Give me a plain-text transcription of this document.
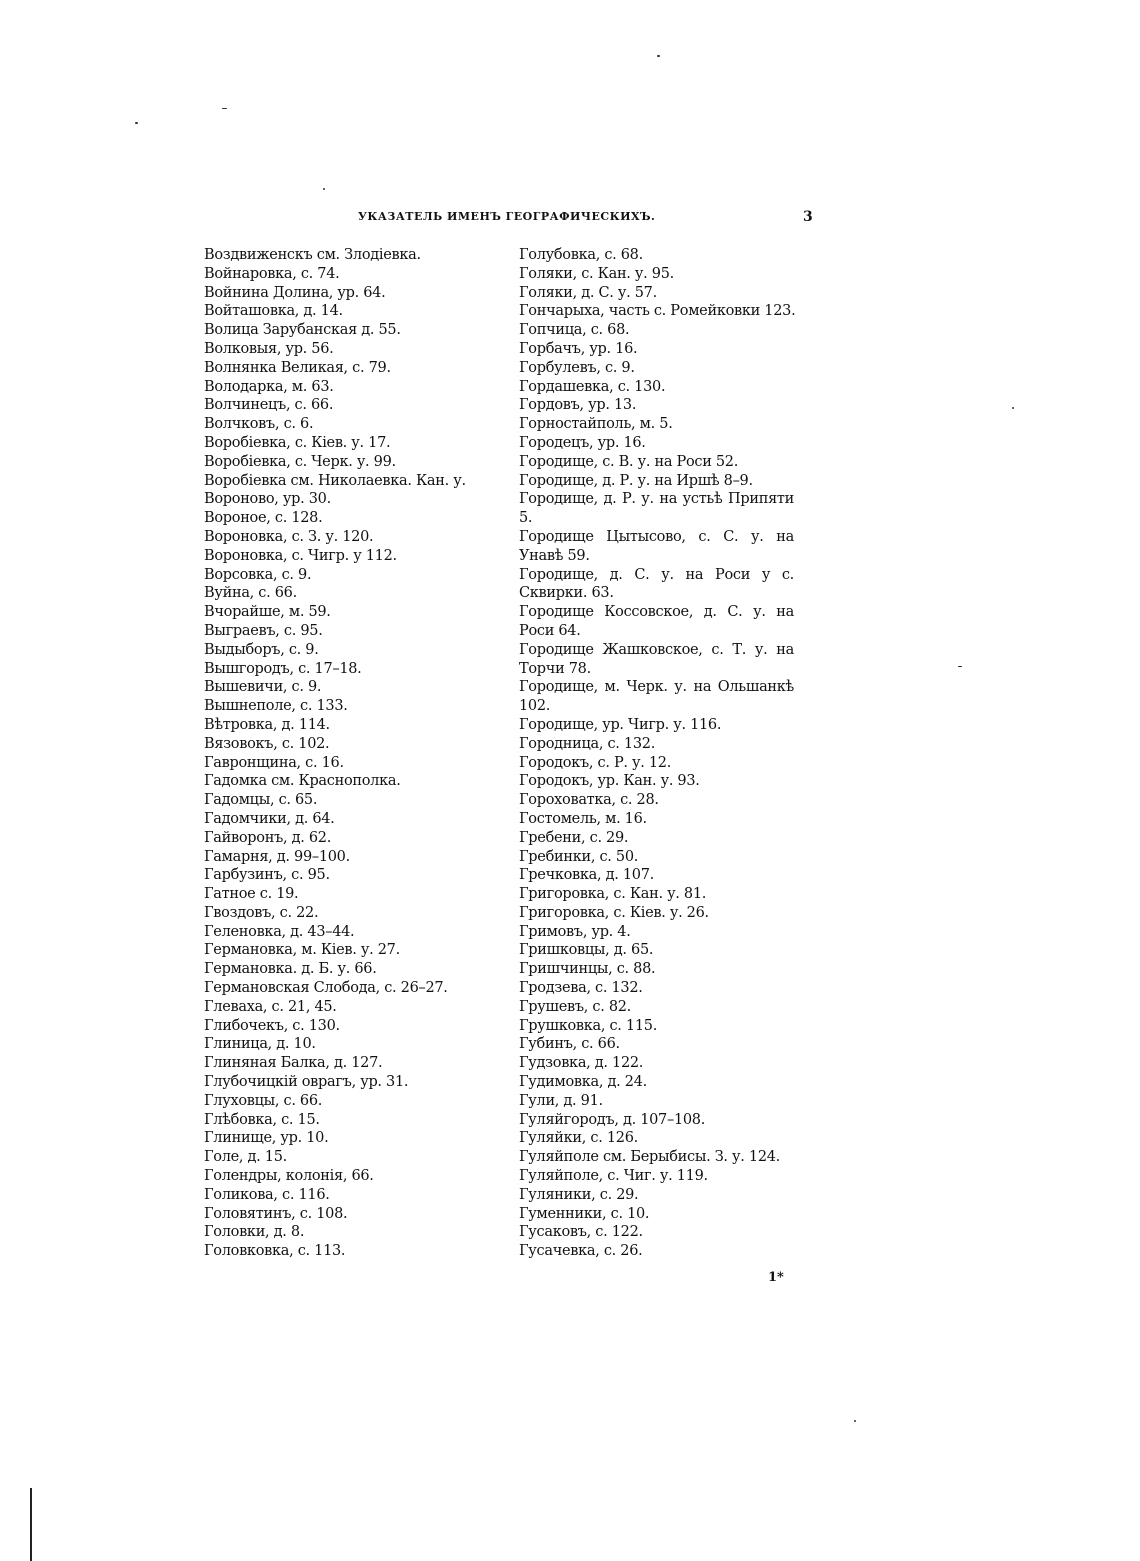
УКАЗАТЕЛЬ ИМЕНЪ ГЕОГРАФИЧЕСКИХЪ.	3
Воздвиженскъ см. Злодіевка.
Войнаровка, с. 74.
Войнина Долина, ур. 64.
Войташовка, д. 14.
Волица Зарубанская д. 55.
Волковыя, ур. 56.
Волнянка Великая, с. 79.
Володарка, м. 63.
Волчинецъ, с. 66.
Волчковъ, с. 6.
Воробіевка, с. Кiев. у. 17.
Воробіевка, с. Черк. у. 99.
Воробіевка см. Николаевка. Кан. у.
Вороново, ур. 30.
Вороное, с. 128.
Вороновка, с. З. у. 120.
Вороновка, с. Чигр. у 112.
Ворсовка, с. 9.
Вуйна, с. 66.
Вчорайше, м. 59.
Выграевъ, с. 95.
Выдыборъ, с. 9.
Вышгородъ, с. 17–18.
Вышевичи, с. 9.
Вышнеполе, с. 133.
Вѣтровка, д. 114.
Вязовокъ, с. 102.
Гавронщина, с. 16.
Гадомка см. Краснополка.
Гадомцы, с. 65.
Гадомчики, д. 64.
Гайворонъ, д. 62.
Гамарня, д. 99–100.
Гарбузинъ, с. 95.
Гатное с. 19.
Гвоздовъ, с. 22.
Геленовка, д. 43–44.
Германовка, м. Кiев. у. 27.
Германовка. д. Б. у. 66.
Германовская Слобода, с. 26–27.
Глеваха, с. 21, 45.
Глибочекъ, с. 130.
Глиница, д. 10.
Глиняная Балка, д. 127.
Глубочицкій оврагъ, ур. 31.
Глуховцы, с. 66.
Глѣбовка, с. 15.
Глинище, ур. 10.
Голе, д. 15.
Голендры, колонія, 66.
Голикова, с. 116.
Головятинъ, с. 108.
Головки, д. 8.
Головковка, с. 113.
Голубовка, с. 68.
Голяки, с. Кан. у. 95.
Голяки, д. С. у. 57.
Гончарыха, часть с. Ромейковки 123.
Гопчица, с. 68.
Горбачъ, ур. 16.
Горбулевъ, с. 9.
Гордашевка, с. 130.
Гордовъ, ур. 13.
Горностайполь, м. 5.
Городецъ, ур. 16.
Городище, с. В. у. на Роси 52.
Городище, д. Р. у. на Иршѣ 8–9.
Городище, д. Р. у. на устьѣ Припяти 5.
Городище Цытысово, с. С. у. на Унавѣ 59.
Городище, д. С. у. на Роси у с. Сквирки. 63.
Городище Коссовское, д. С. у. на Роси 64.
Городище Жашковское, с. Т. у. на Торчи 78.
Городище, м. Черк. у. на Ольшанкѣ 102.
Городище, ур. Чигр. у. 116.
Городница, с. 132.
Городокъ, с. Р. у. 12.
Городокъ, ур. Кан. у. 93.
Гороховатка, с. 28.
Гостомель, м. 16.
Гребени, с. 29.
Гребинки, с. 50.
Гречковка, д. 107.
Григоровка, с. Кан. у. 81.
Григоровка, с. Кiев. у. 26.
Гримовъ, ур. 4.
Гришковцы, д. 65.
Гришчинцы, с. 88.
Гродзева, с. 132.
Грушевъ, с. 82.
Грушковка, с. 115.
Губинъ, с. 66.
Гудзовка, д. 122.
Гудимовка, д. 24.
Гули, д. 91.
Гуляйгородъ, д. 107–108.
Гуляйки, с. 126.
Гуляйполе см. Берыбисы. З. у. 124.
Гуляйполе, с. Чиг. у. 119.
Гуляники, с. 29.
Гуменники, с. 10.
Гусаковъ, с. 122.
Гусачевка, с. 26.
1*
